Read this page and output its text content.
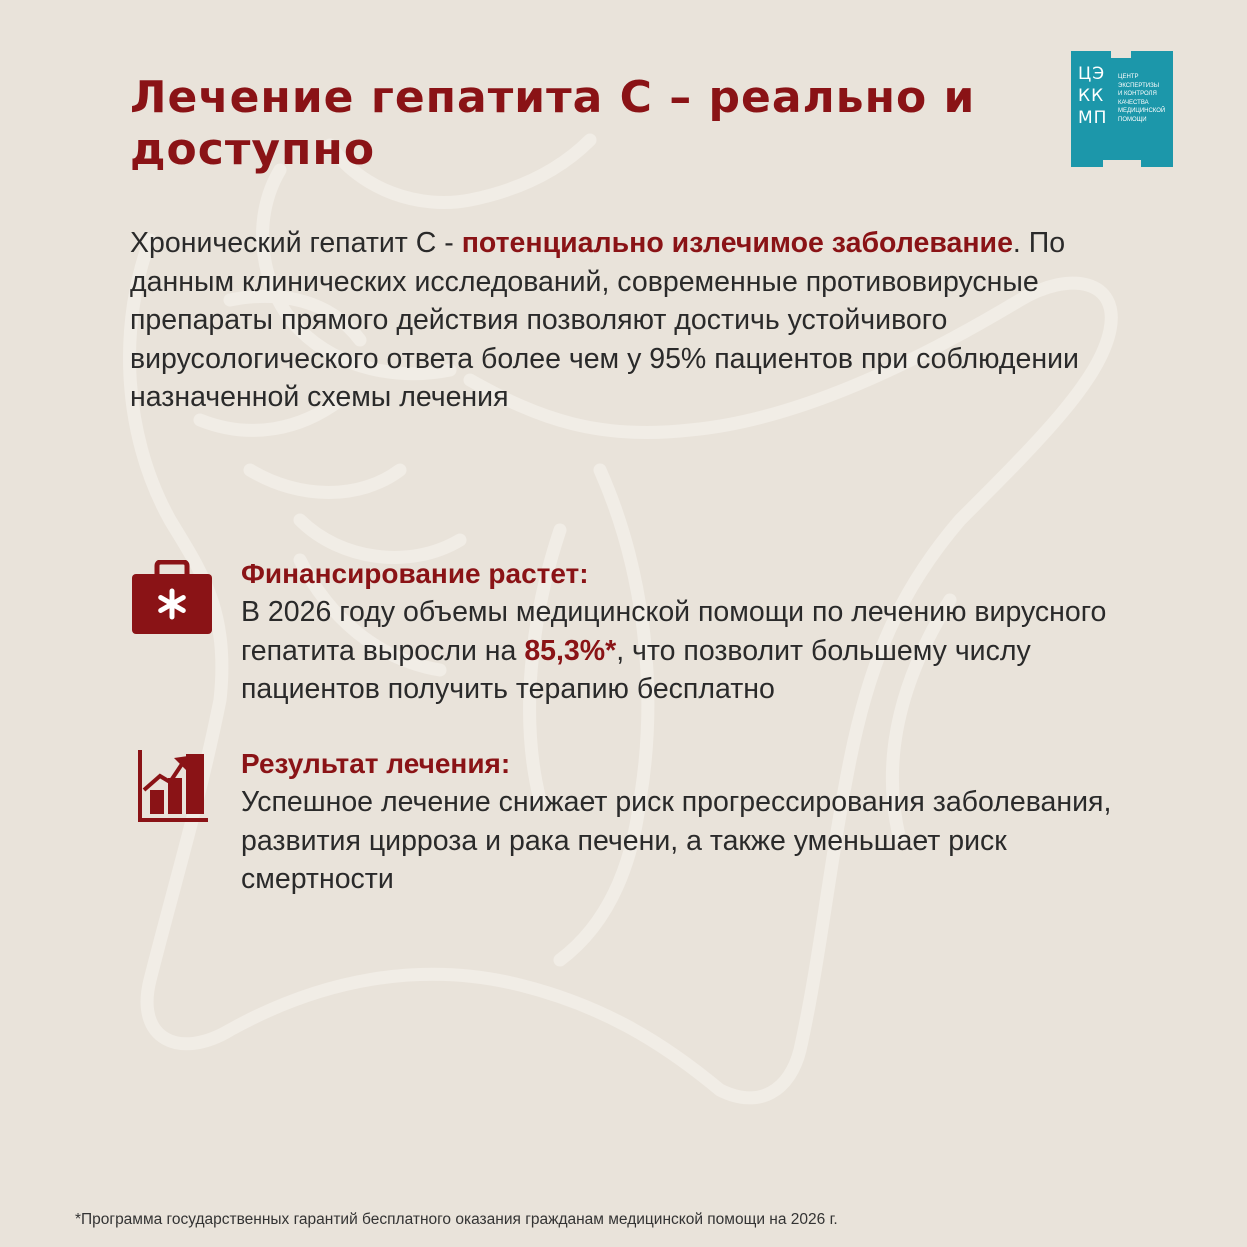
Лечение гепатита С – реально и доступно
ЦЭ
КК
МП
ЦЕНТР
ЭКСПЕРТИЗЫ
И КОНТРОЛЯ
КАЧЕСТВА
МЕДИЦИНСКОЙ
ПОМОЩИ

Хронический гепатит С - потенциально излечимое заболевание. По данным клинических исследований, современные противовирусные препараты прямого действия позволяют достичь устойчивого вирусологического ответа более чем у 95% пациентов при соблюдении назначенной схемы лечения

Финансирование растет:

В 2026 году объемы медицинской помощи по лечению вирусного гепатита выросли на 85,3%*, что позволит большему числу пациентов получить терапию бесплатно

Результат лечения:

Успешное лечение снижает риск прогрессирования заболевания, развития цирроза и рака печени, а также уменьшает риск смертности

*Программа государственных гарантий бесплатного оказания гражданам медицинской помощи на 2026 г.
